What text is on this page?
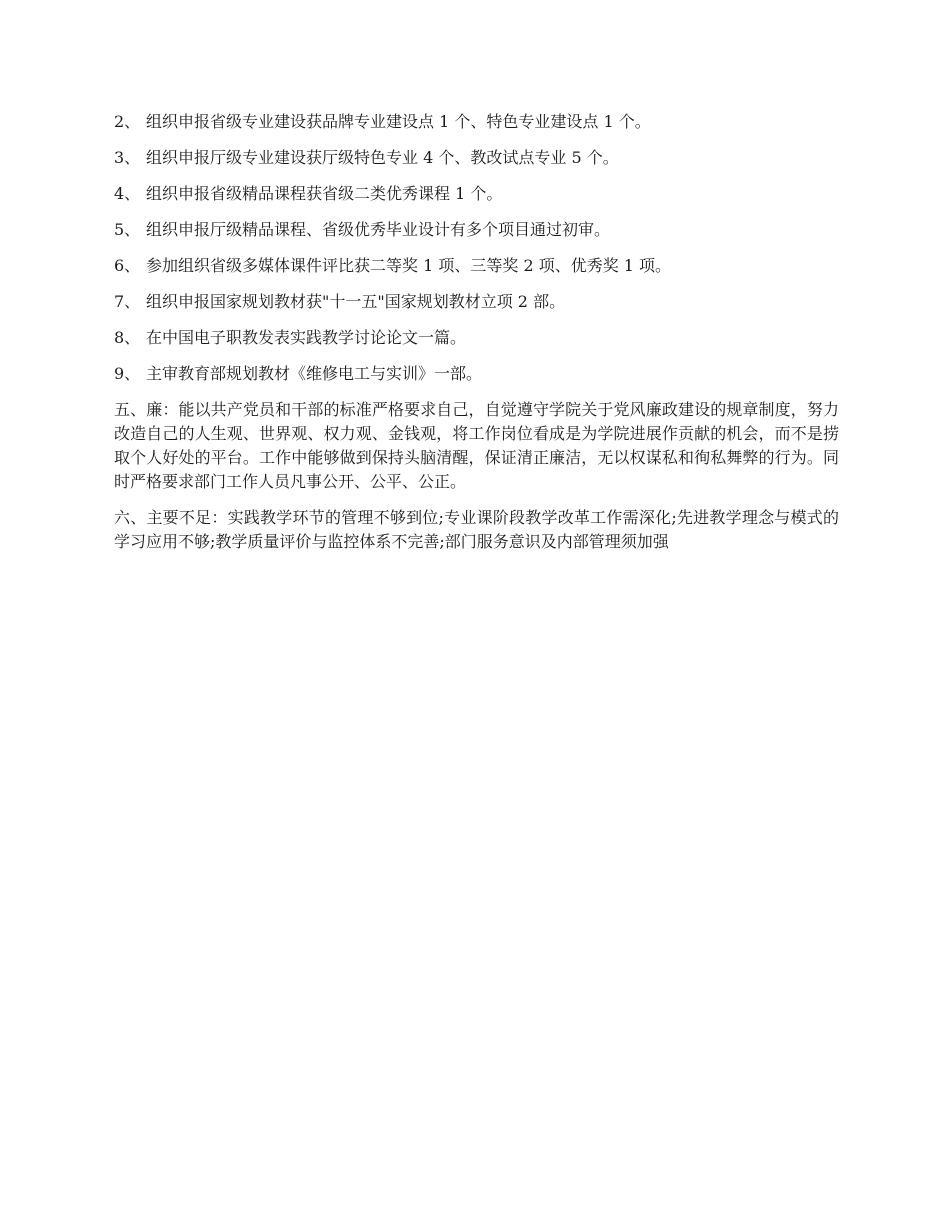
2、 组织申报省级专业建设获品牌专业建设点 1 个、特色专业建设点 1 个。
3、 组织申报厅级专业建设获厅级特色专业 4 个、教改试点专业 5 个。
4、 组织申报省级精品课程获省级二类优秀课程 1 个。
5、 组织申报厅级精品课程、省级优秀毕业设计有多个项目通过初审。
6、 参加组织省级多媒体课件评比获二等奖 1 项、三等奖 2 项、优秀奖 1 项。
7、 组织申报国家规划教材获"十一五"国家规划教材立项 2 部。
8、 在中国电子职教发表实践教学讨论论文一篇。
9、 主审教育部规划教材《维修电工与实训》一部。

五、廉：能以共产党员和干部的标准严格要求自己，自觉遵守学院关于党风廉政建设的规章制度，努力改造自己的人生观、世界观、权力观、金钱观，将工作岗位看成是为学院进展作贡献的机会，而不是捞取个人好处的平台。工作中能够做到保持头脑清醒，保证清正廉洁，无以权谋私和徇私舞弊的行为。同时严格要求部门工作人员凡事公开、公平、公正。

六、主要不足：实践教学环节的管理不够到位;专业课阶段教学改革工作需深化;先进教学理念与模式的学习应用不够;教学质量评价与监控体系不完善;部门服务意识及内部管理须加强
